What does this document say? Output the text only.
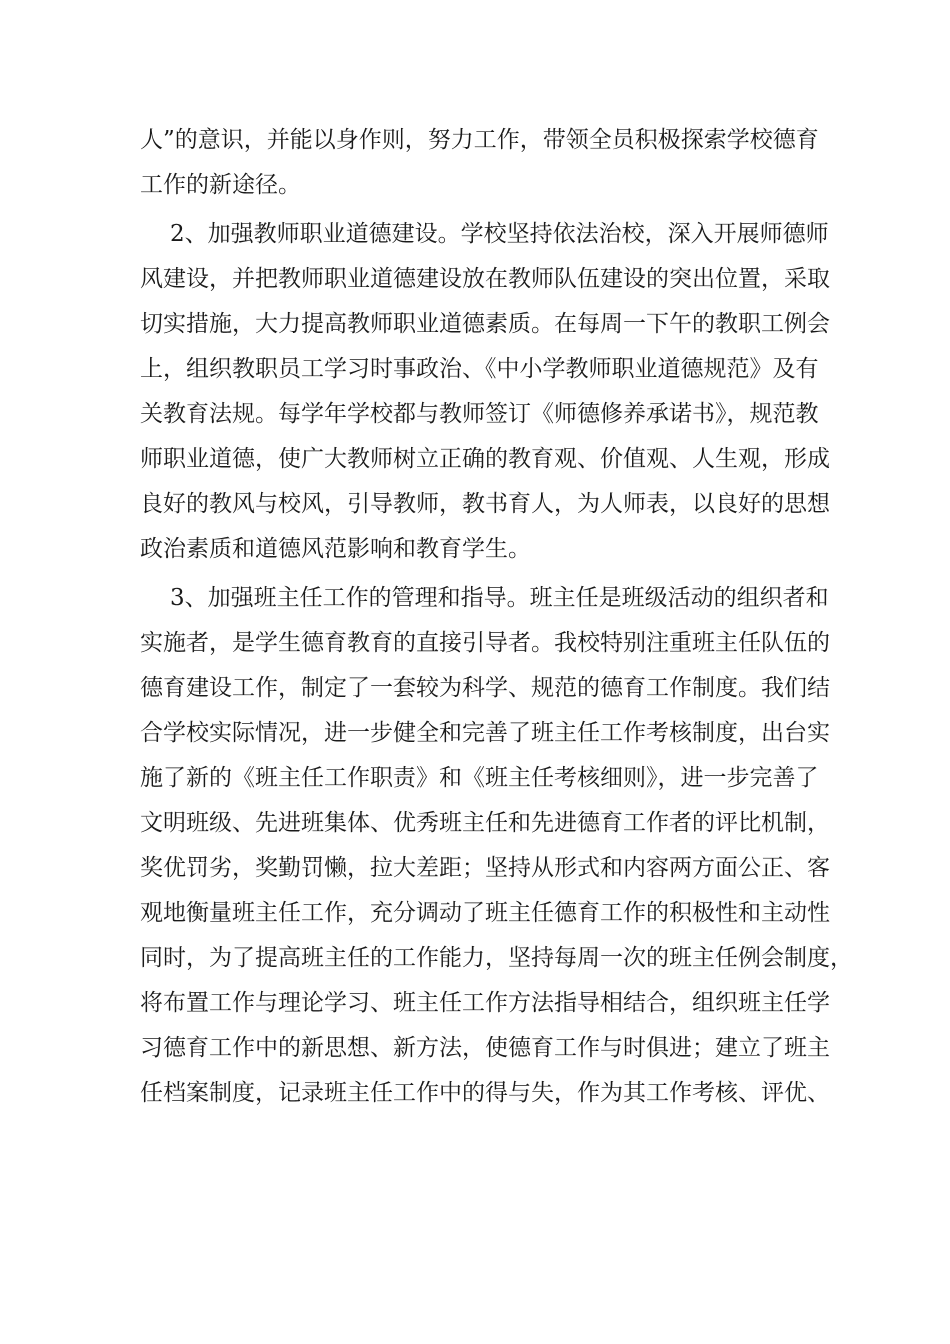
人”的意识，并能以身作则，努力工作，带领全员积极探索学校德育
工作的新途径。
2、加强教师职业道德建设。学校坚持依法治校，深入开展师德师
风建设，并把教师职业道德建设放在教师队伍建设的突出位置，采取
切实措施，大力提高教师职业道德素质。在每周一下午的教职工例会
上，组织教职员工学习时事政治、《中小学教师职业道德规范》及有
关教育法规。每学年学校都与教师签订《师德修养承诺书》，规范教
师职业道德，使广大教师树立正确的教育观、价值观、人生观，形成
良好的教风与校风，引导教师，教书育人，为人师表，以良好的思想
政治素质和道德风范影响和教育学生。
3、加强班主任工作的管理和指导。班主任是班级活动的组织者和
实施者，是学生德育教育的直接引导者。我校特别注重班主任队伍的
德育建设工作，制定了一套较为科学、规范的德育工作制度。我们结
合学校实际情况，进一步健全和完善了班主任工作考核制度，出台实
施了新的《班主任工作职责》和《班主任考核细则》，进一步完善了
文明班级、先进班集体、优秀班主任和先进德育工作者的评比机制，
奖优罚劣，奖勤罚懒，拉大差距；坚持从形式和内容两方面公正、客
观地衡量班主任工作，充分调动了班主任德育工作的积极性和主动性
同时，为了提高班主任的工作能力，坚持每周一次的班主任例会制度，
将布置工作与理论学习、班主任工作方法指导相结合，组织班主任学
习德育工作中的新思想、新方法，使德育工作与时俱进；建立了班主
任档案制度，记录班主任工作中的得与失，作为其工作考核、评优、
